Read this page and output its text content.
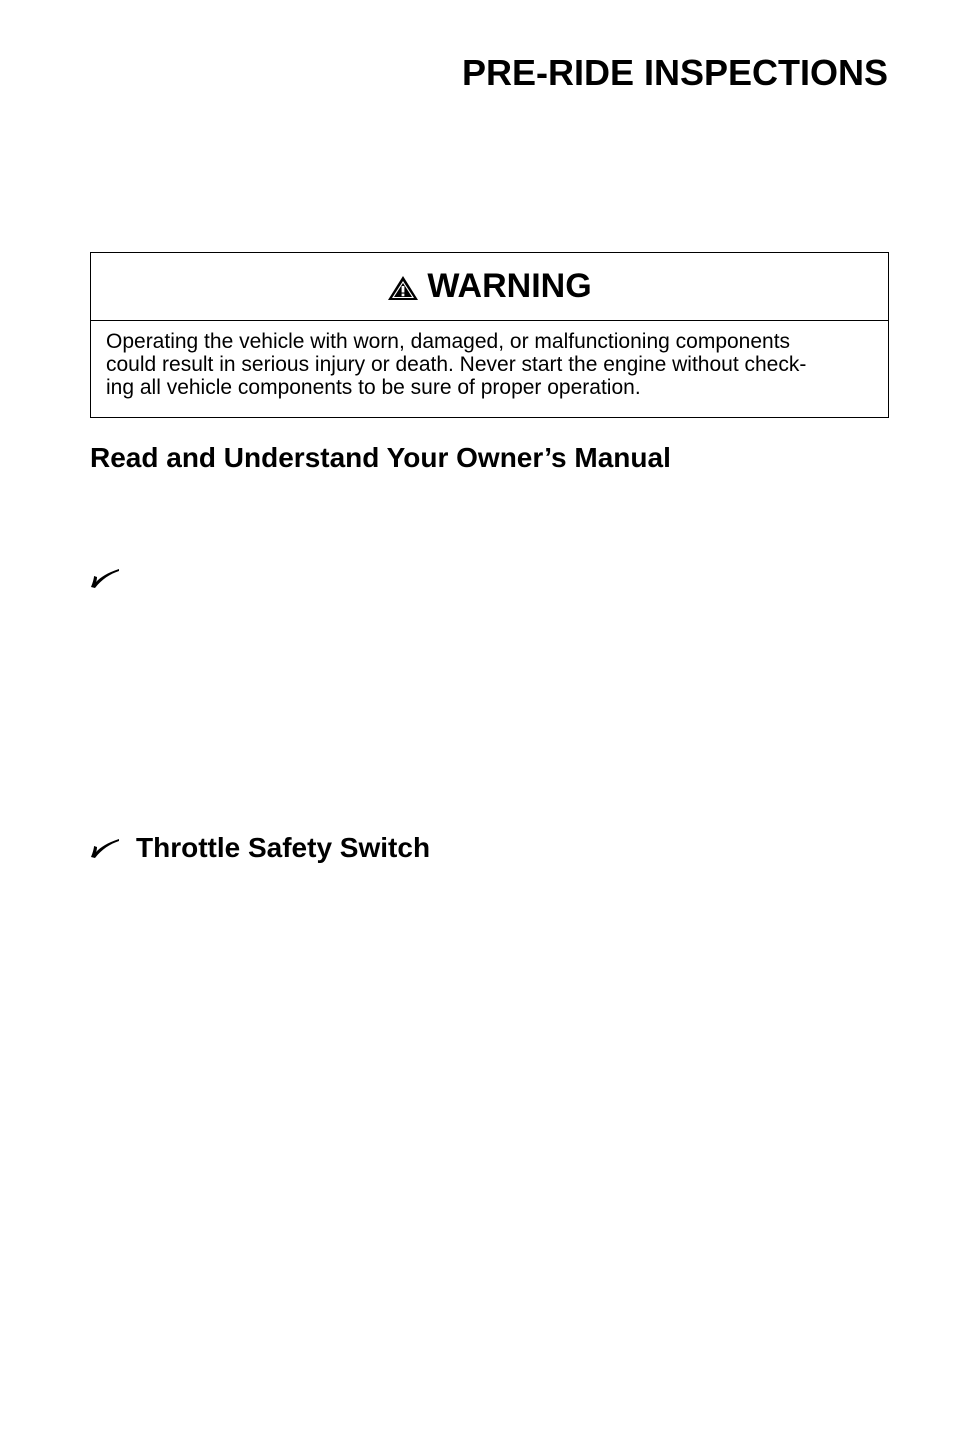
PRE-RIDE INSPECTIONS
WARNING
Operating the vehicle with worn, damaged, or malfunctioning components
could result in serious injury or death. Never start the engine without check-
ing all vehicle components to be sure of proper operation.
Read and Understand Your Owner’s Manual
Throttle Safety Switch
